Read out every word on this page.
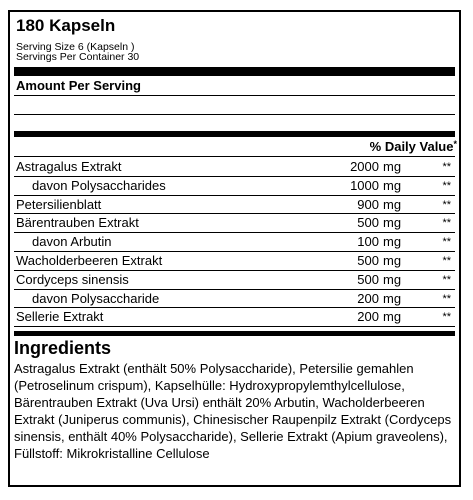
180 Kapseln
Serving Size 6 (Kapseln )
Servings Per Container 30
Amount Per Serving
% Daily Value*
Astragalus Extrakt	2000 mg	**
davon Polysaccharides	1000 mg	**
Petersilienblatt	900 mg	**
Bärentrauben Extrakt	500 mg	**
davon Arbutin	100 mg	**
Wacholderbeeren Extrakt	500 mg	**
Cordyceps sinensis	500 mg	**
davon Polysaccharide	200 mg	**
Sellerie Extrakt	200 mg	**
Ingredients
Astragalus Extrakt (enthält 50% Polysaccharide), Petersilie gemahlen (Petroselinum crispum), Kapselhülle: Hydroxypropylemthylcellulose, Bärentrauben Extrakt (Uva Ursi) enthält 20% Arbutin, Wacholderbeeren Extrakt (Juniperus communis), Chinesischer Raupenpilz Extrakt (Cordyceps sinensis, enthält 40% Polysaccharide), Sellerie Extrakt (Apium graveolens), Füllstoff: Mikrokristalline Cellulose
